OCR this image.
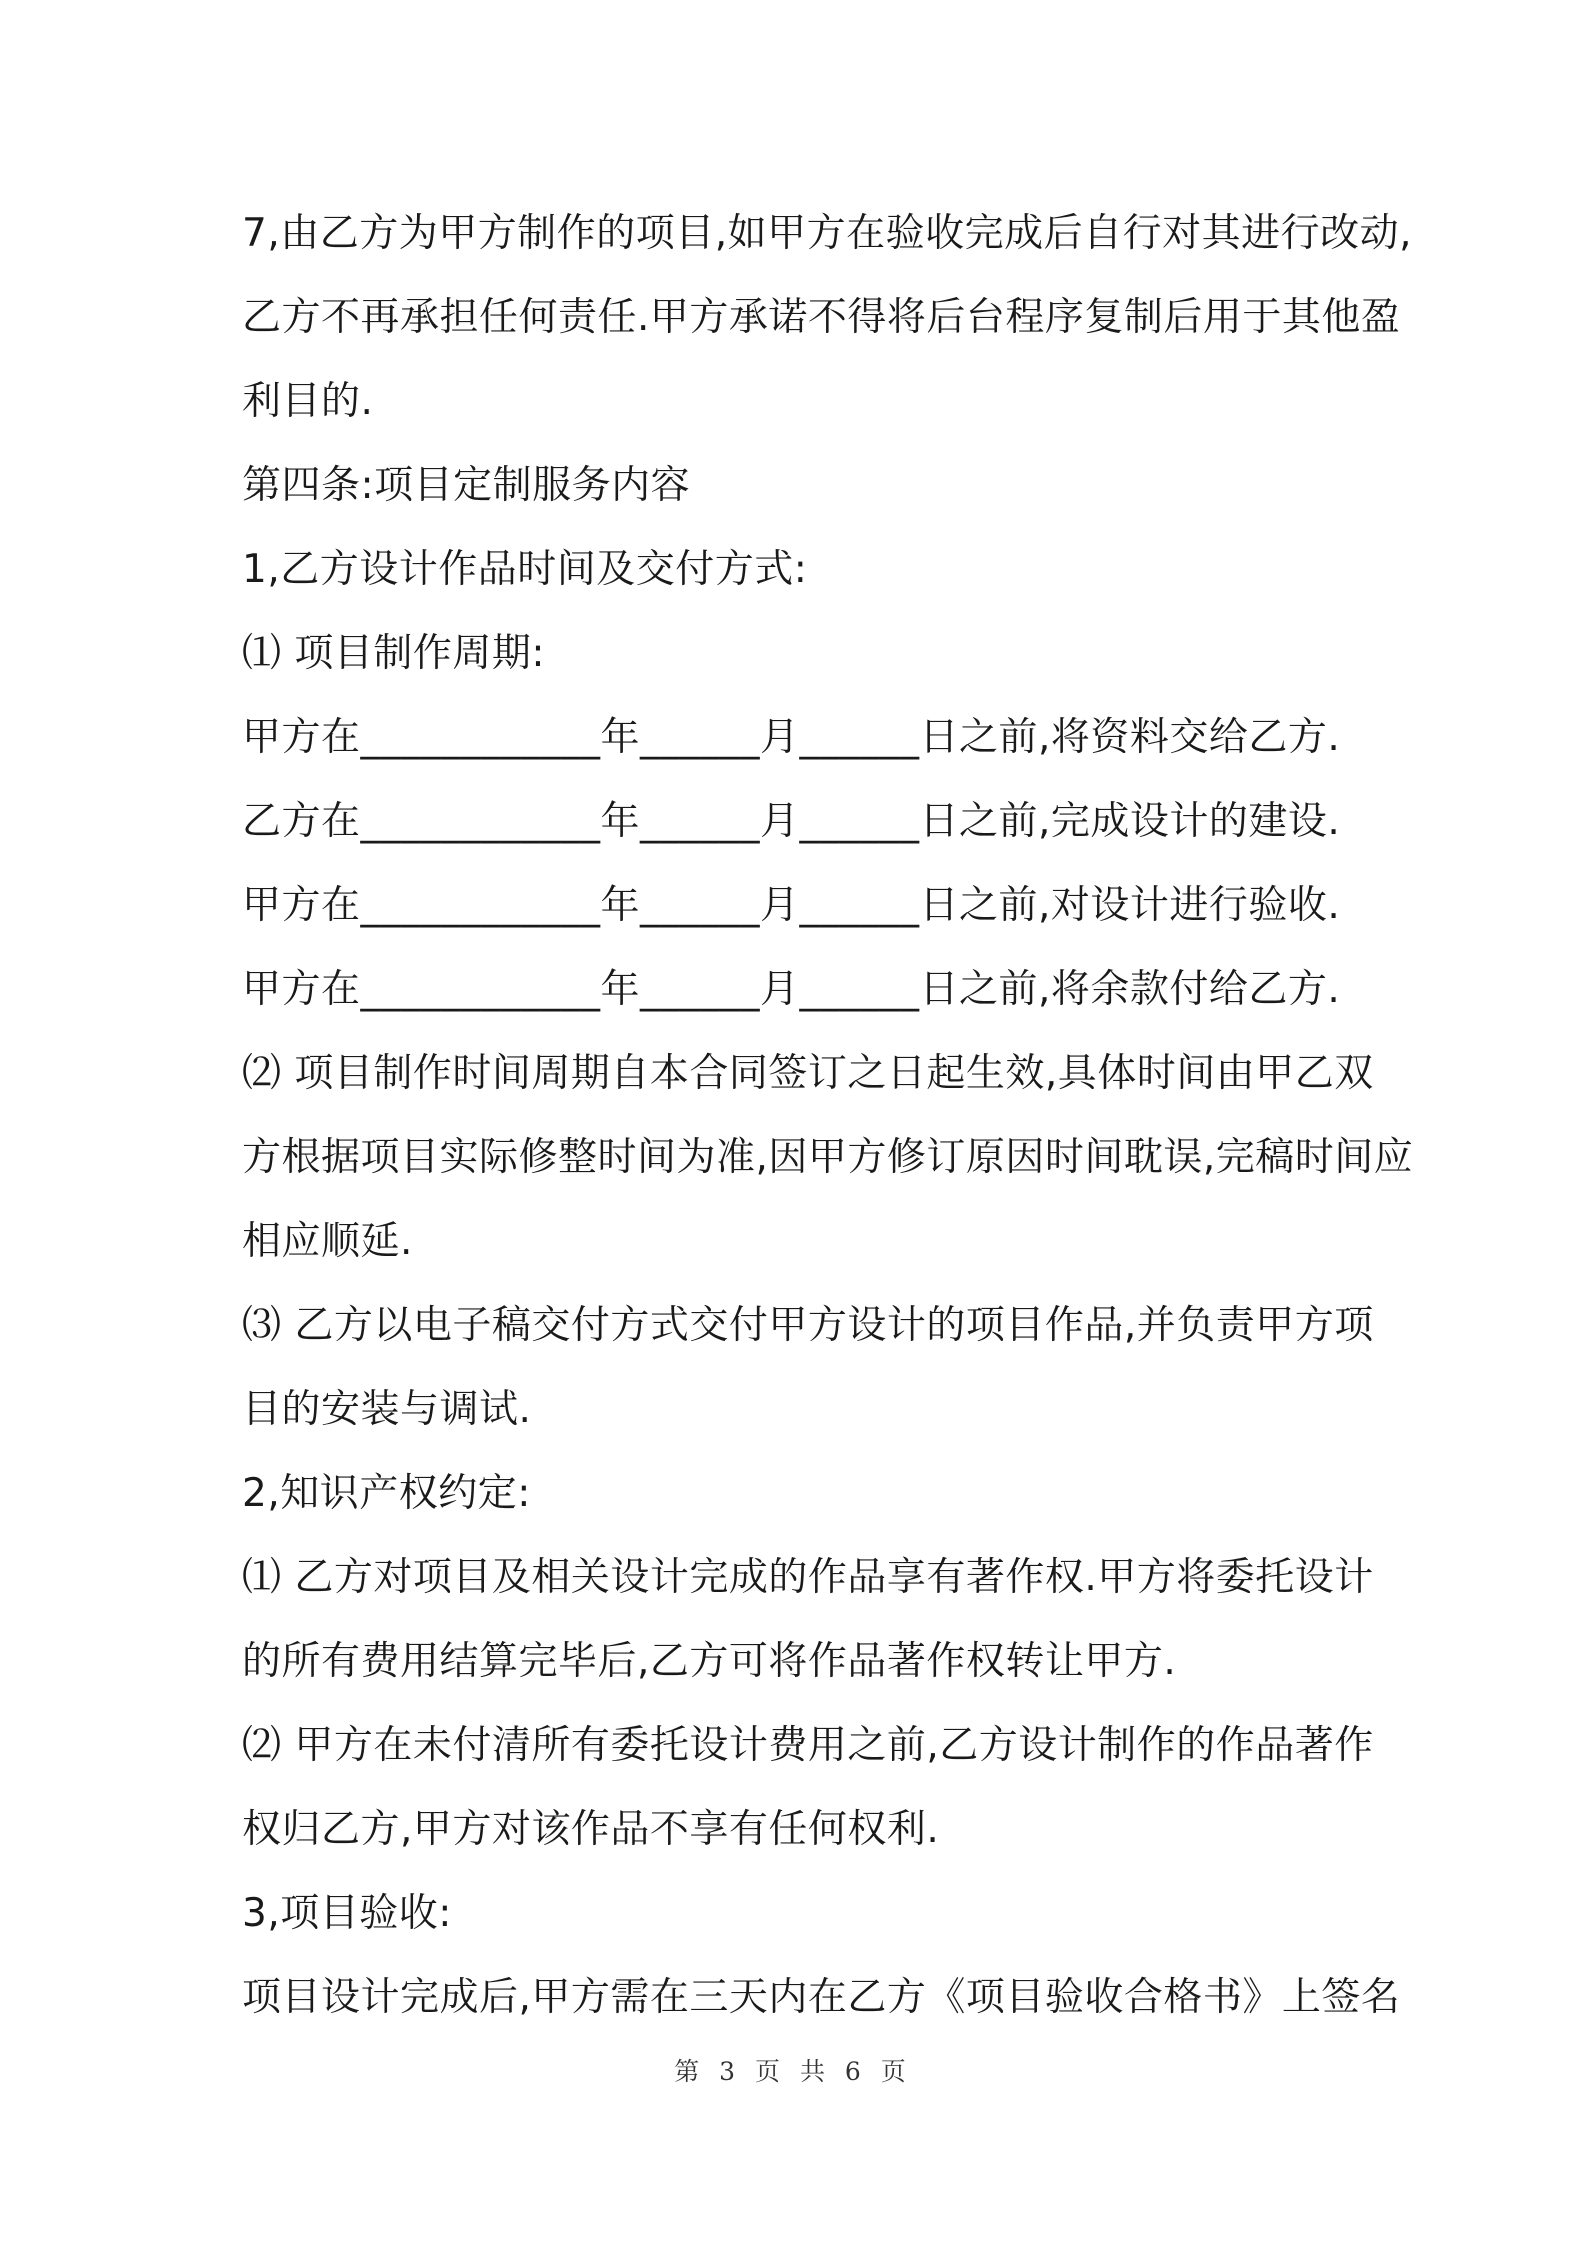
7,由乙方为甲方制作的项目,如甲方在验收完成后自行对其进行改动,
乙方不再承担任何责任.甲方承诺不得将后台程序复制后用于其他盈
利目的.
第四条:项目定制服务内容
1,乙方设计作品时间及交付方式:
⑴ 项目制作周期:
甲方在____________年______月______日之前,将资料交给乙方.
乙方在____________年______月______日之前,完成设计的建设.
甲方在____________年______月______日之前,对设计进行验收.
甲方在____________年______月______日之前,将余款付给乙方.
⑵ 项目制作时间周期自本合同签订之日起生效,具体时间由甲乙双
方根据项目实际修整时间为准,因甲方修订原因时间耽误,完稿时间应
相应顺延.
⑶ 乙方以电子稿交付方式交付甲方设计的项目作品,并负责甲方项
目的安装与调试.
2,知识产权约定:
⑴ 乙方对项目及相关设计完成的作品享有著作权.甲方将委托设计
的所有费用结算完毕后,乙方可将作品著作权转让甲方.
⑵ 甲方在未付清所有委托设计费用之前,乙方设计制作的作品著作
权归乙方,甲方对该作品不享有任何权利.
3,项目验收:
项目设计完成后,甲方需在三天内在乙方《项目验收合格书》上签名
第 3 页 共 6 页
